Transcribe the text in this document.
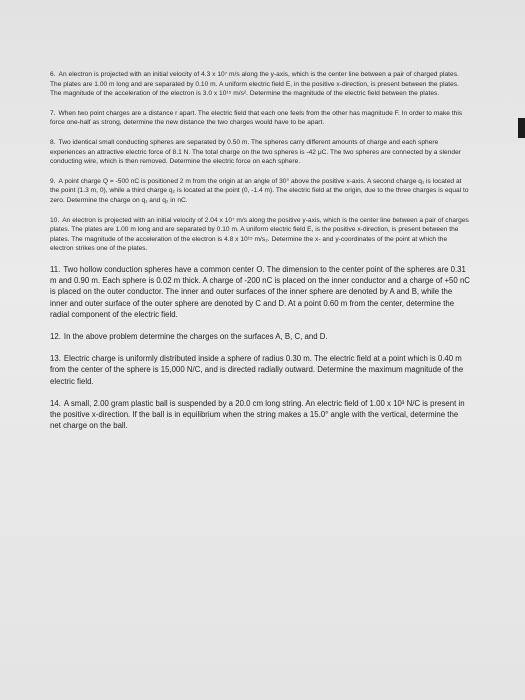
6. An electron is projected with an initial velocity of 4.3 x 10⁷ m/s along the y-axis, which is the center line between a pair of charged plates. The plates are 1.00 m long and are separated by 0.10 m. A uniform electric field E, in the positive x-direction, is present between the plates. The magnitude of the acceleration of the electron is 3.0 x 10¹⁵ m/s². Determine the magnitude of the electric field between the plates.

7. When two point charges are a distance r apart. The electric field that each one feels from the other has magnitude F. In order to make this force one-half as strong, determine the new distance the two charges would have to be apart.

8. Two identical small conducting spheres are separated by 0.50 m. The spheres carry different amounts of charge and each sphere experiences an attractive electric force of 8.1 N. The total charge on the two spheres is -42 μC. The two spheres are connected by a slender conducting wire, which is then removed. Determine the electric force on each sphere.

9. A point charge Q = -500 nC is positioned 2 m from the origin at an angle of 30° above the positive x-axis. A second charge q₁ is located at the point (1.3 m, 0), while a third charge q₂ is located at the point (0, -1.4 m). The electric field at the origin, due to the three charges is equal to zero. Determine the charge on q₁ and q₂ in nC.

10. An electron is projected with an initial velocity of 2.04 x 10⁷ m/s along the positive y-axis, which is the center line between a pair of charges plates. The plates are 1.00 m long and are separated by 0.10 m. A uniform electric field E, is the positive x-direction, is present between the plates. The magnitude of the acceleration of the electron is 4.8 x 10¹⁵ m/s₂. Determine the x- and y-coordinates of the point at which the electron strikes one of the plates.

11. Two hollow conduction spheres have a common center O. The dimension to the center point of the spheres are 0.31 m and 0.90 m. Each sphere is 0.02 m thick. A charge of -200 nC is placed on the inner conductor and a charge of +50 nC is placed on the outer conductor. The inner and outer surfaces of the inner sphere are denoted by A and B, while the inner and outer surface of the outer sphere are denoted by C and D. At a point 0.60 m from the center, determine the radial component of the electric field.

12. In the above problem determine the charges on the surfaces A, B, C, and D.

13. Electric charge is uniformly distributed inside a sphere of radius 0.30 m. The electric field at a point which is 0.40 m from the center of the sphere is 15,000 N/C, and is directed radially outward. Determine the maximum magnitude of the electric field.

14. A small, 2.00 gram plastic ball is suspended by a 20.0 cm long string. An electric field of 1.00 x 10³ N/C is present in the positive x-direction. If the ball is in equilibrium when the string makes a 15.0° angle with the vertical, determine the net charge on the ball.
